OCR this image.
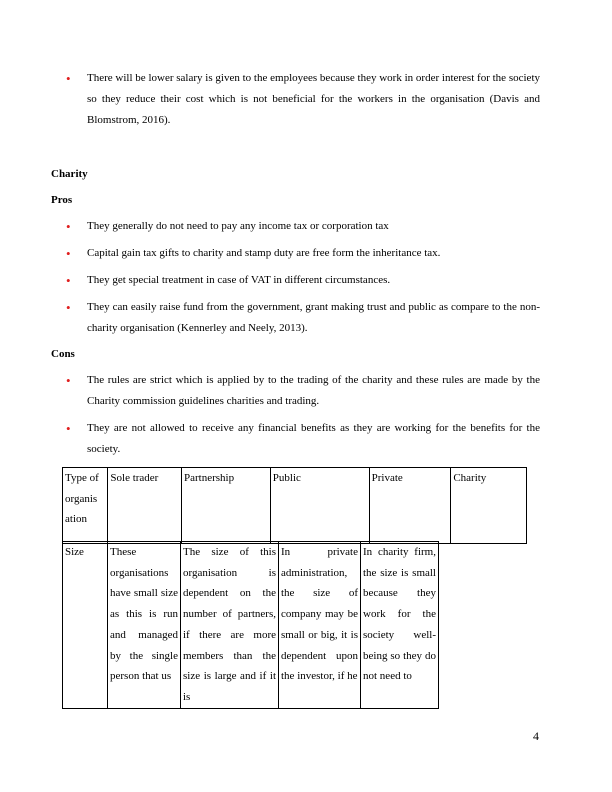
• There will be lower salary is given to the employees because they work in order interest for the society so they reduce their cost which is not beneficial for the workers in the organisation (Davis and Blomstrom, 2016).
Charity
Pros
• They generally do not need to pay any income tax or corporation tax
• Capital gain tax gifts to charity and stamp duty are free form the inheritance tax.
• They get special treatment in case of VAT in different circumstances.
• They can easily raise fund from the government, grant making trust and public as compare to the non-charity organisation (Kennerley and Neely, 2013).
Cons
• The rules are strict which is applied by to the trading of the charity and these rules are made by the Charity commission guidelines charities and trading.
• They are not allowed to receive any financial benefits as they are working for the benefits for the society.
Type of organis ation	Sole trader	Partnership	Public	Private	Charity
Size	These organisations have small size as this is run and managed by the single person that us	The size of this organisation is dependent on the number of partners, if there are more members than the size is large and if it is	In private administration, the size of company may be small or big, it is dependent upon the investor, if he	In charity firm, the size is small because they work for the society well-being so they do not need to
4
